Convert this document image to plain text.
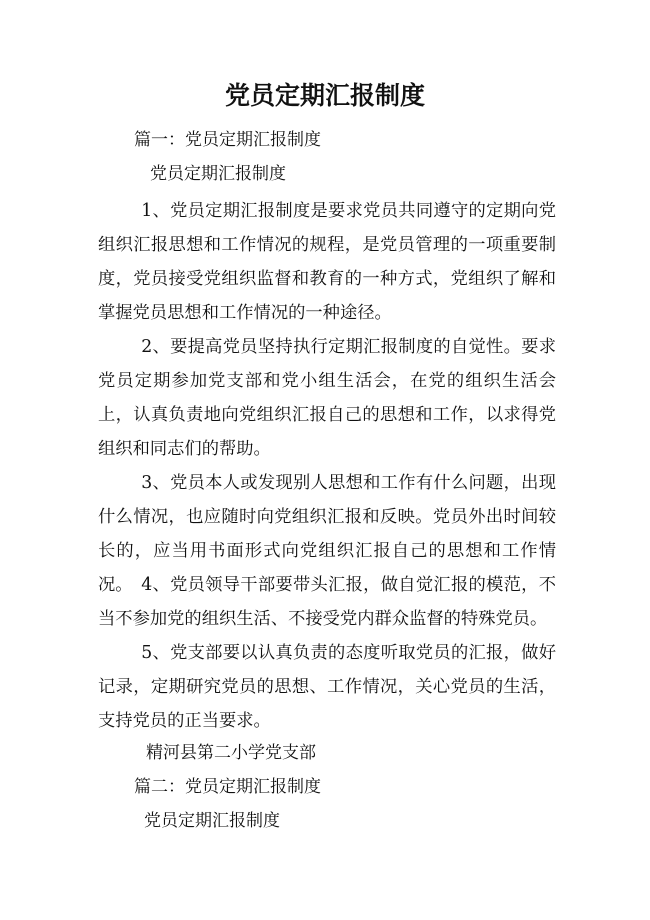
党员定期汇报制度

篇一：党员定期汇报制度

党员定期汇报制度

1、党员定期汇报制度是要求党员共同遵守的定期向党组织汇报思想和工作情况的规程，是党员管理的一项重要制度，党员接受党组织监督和教育的一种方式，党组织了解和掌握党员思想和工作情况的一种途径。

2、要提高党员坚持执行定期汇报制度的自觉性。要求党员定期参加党支部和党小组生活会，在党的组织生活会上，认真负责地向党组织汇报自己的思想和工作，以求得党组织和同志们的帮助。

3、党员本人或发现别人思想和工作有什么问题，出现什么情况，也应随时向党组织汇报和反映。党员外出时间较长的，应当用书面形式向党组织汇报自己的思想和工作情况。 4、党员领导干部要带头汇报，做自觉汇报的模范，不当不参加党的组织生活、不接受党内群众监督的特殊党员。

5、党支部要以认真负责的态度听取党员的汇报，做好记录，定期研究党员的思想、工作情况，关心党员的生活，支持党员的正当要求。

精河县第二小学党支部

篇二：党员定期汇报制度

党员定期汇报制度
